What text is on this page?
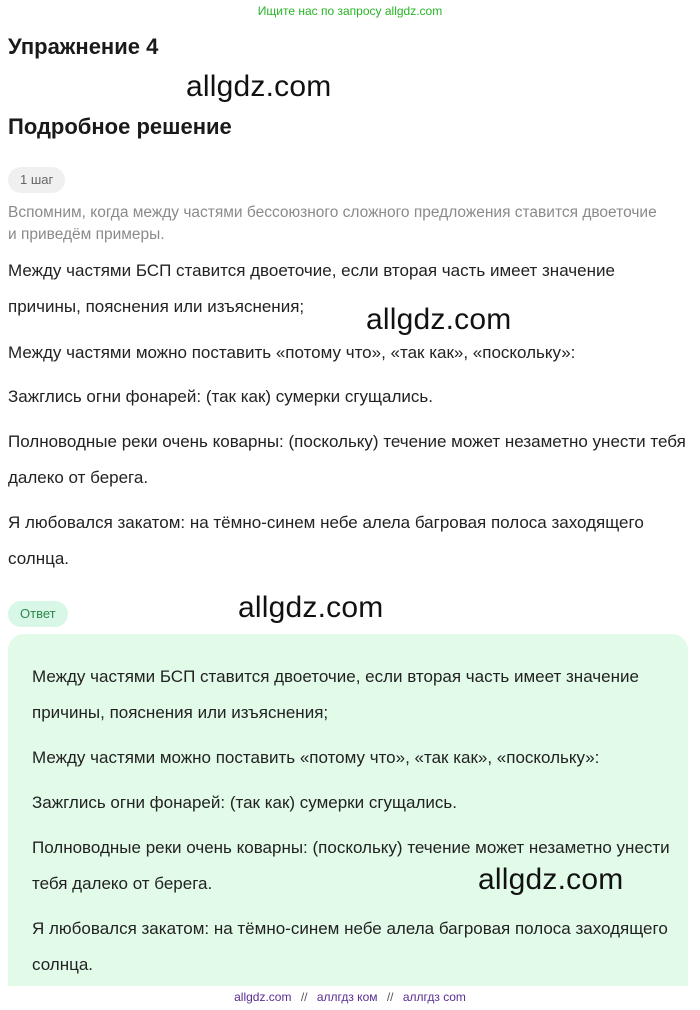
Ищите нас по запросу allgdz.com
Упражнение 4
allgdz.com
Подробное решение
1 шаг
Вспомним, когда между частями бессоюзного сложного предложения ставится двоеточие и приведём примеры.
Между частями БСП ставится двоеточие, если вторая часть имеет значение причины, пояснения или изъяснения;	allgdz.com
Между частями можно поставить «потому что», «так как», «поскольку»:
Зажглись огни фонарей: (так как) сумерки сгущались.
Полноводные реки очень коварны: (поскольку) течение может незаметно унести тебя далеко от берега.
Я любовался закатом: на тёмно-синем небе алела багровая полоса заходящего солнца.
Ответ	allgdz.com
Между частями БСП ставится двоеточие, если вторая часть имеет значение причины, пояснения или изъяснения;
Между частями можно поставить «потому что», «так как», «поскольку»:
Зажглись огни фонарей: (так как) сумерки сгущались.
Полноводные реки очень коварны: (поскольку) течение может незаметно унести тебя далеко от берега.	allgdz.com
Я любовался закатом: на тёмно-синем небе алела багровая полоса заходящего солнца.
allgdz.com // аллгдз ком // аллгдз com
